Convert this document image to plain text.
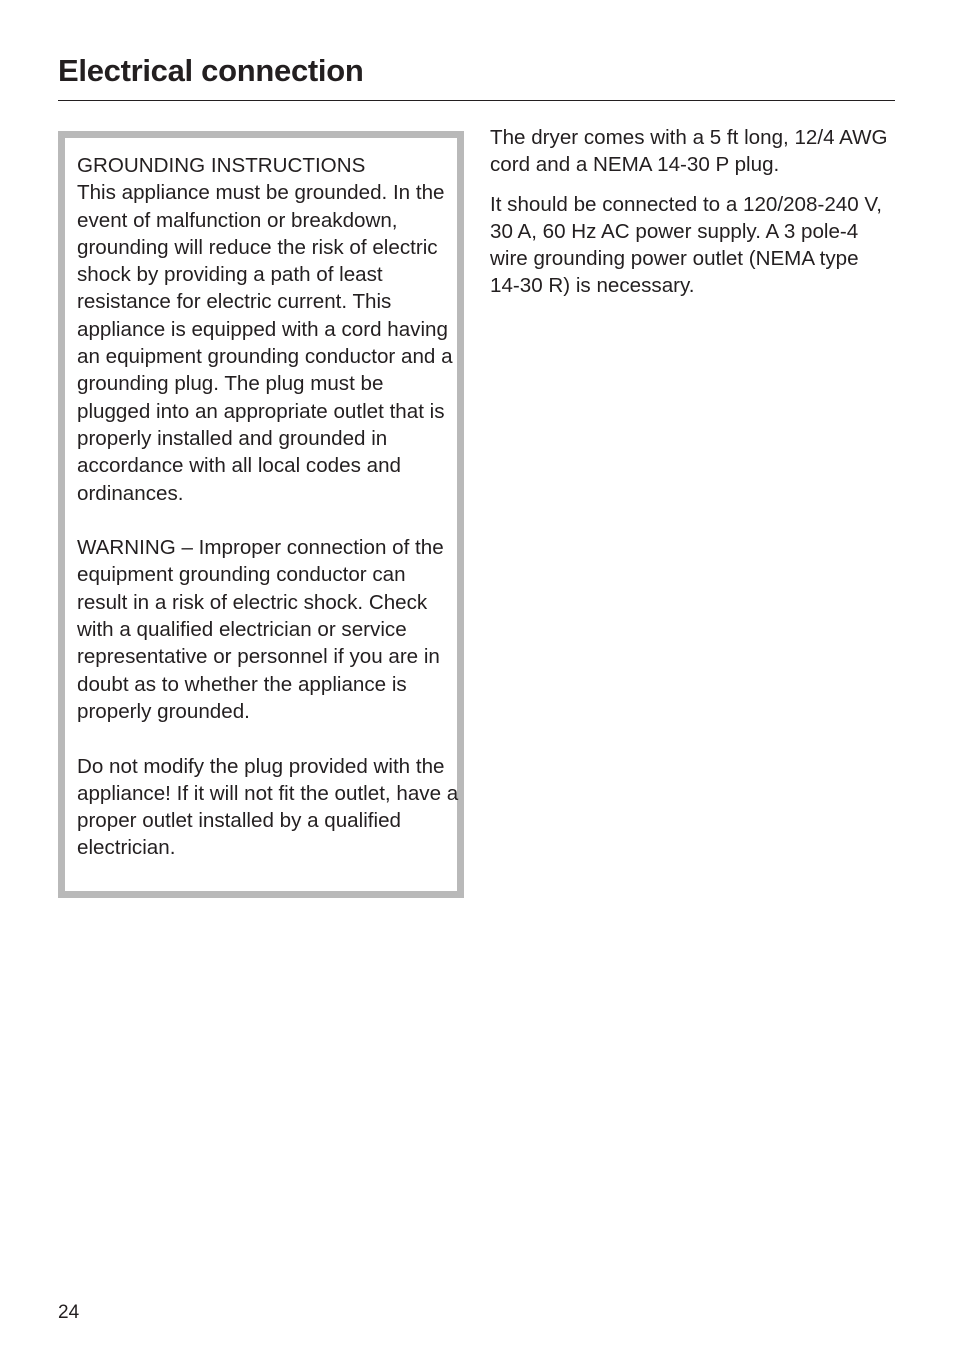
Electrical connection

GROUNDING INSTRUCTIONS
This appliance must be grounded. In the event of malfunction or breakdown, grounding will reduce the risk of electric shock by providing a path of least resistance for electric current. This appliance is equipped with a cord having an equipment grounding conductor and a grounding plug. The plug must be plugged into an appropriate outlet that is properly installed and grounded in accordance with all local codes and ordinances.

WARNING – Improper connection of the equipment grounding conductor can result in a risk of electric shock. Check with a qualified electrician or service representative or personnel if you are in doubt as to whether the appliance is properly grounded.

Do not modify the plug provided with the appliance! If it will not fit the outlet, have a proper outlet installed by a qualified electrician.

The dryer comes with a 5 ft long, 12/4 AWG cord and a NEMA 14-30 P plug.

It should be connected to a 120/208-240 V, 30 A, 60 Hz AC power supply. A 3 pole-4 wire grounding power outlet (NEMA type 14-30 R) is necessary.

24
